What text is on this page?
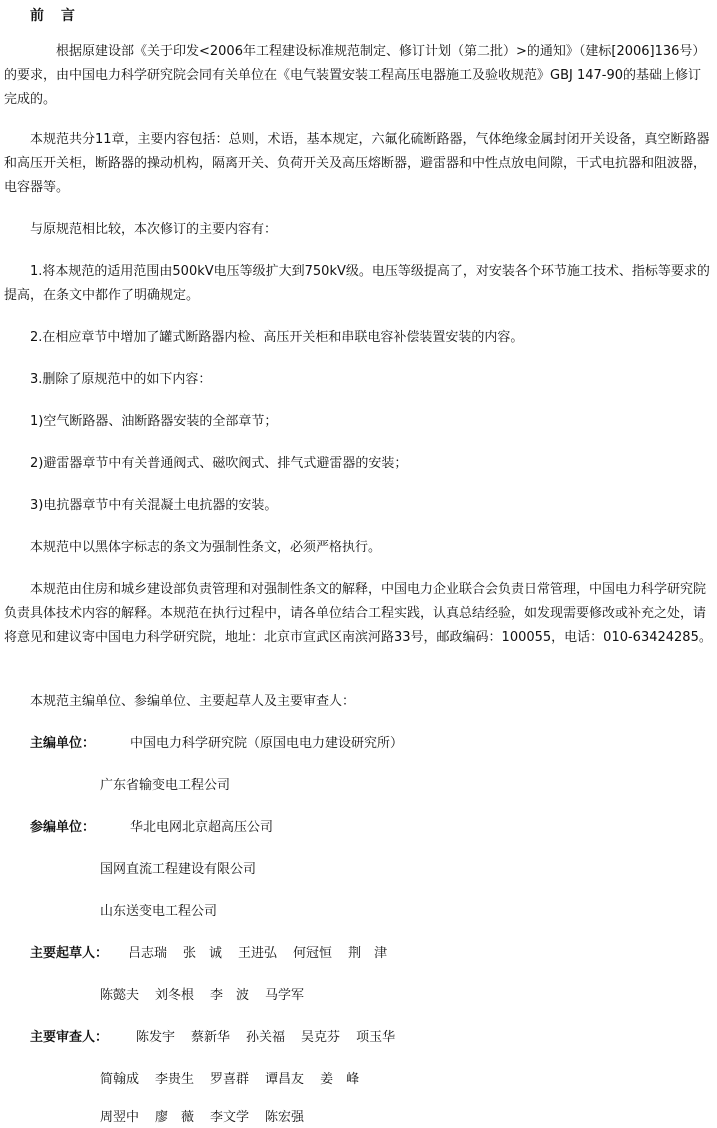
前 言
根据原建设部《关于印发<2006年工程建设标准规范制定、修订计划（第二批）>的通知》（建标[2006]136号）的要求，由中国电力科学研究院会同有关单位在《电气装置安装工程高压电器施工及验收规范》GBJ 147-90的基础上修订完成的。
本规范共分11章，主要内容包括：总则，术语，基本规定，六氟化硫断路器，气体绝缘金属封闭开关设备，真空断路器和高压开关柜，断路器的操动机构，隔离开关、负荷开关及高压熔断器，避雷器和中性点放电间隙，干式电抗器和阻波器，电容器等。
与原规范相比较，本次修订的主要内容有：
1.将本规范的适用范围由500kV电压等级扩大到750kV级。电压等级提高了，对安装各个环节施工技术、指标等要求的提高，在条文中都作了明确规定。
2.在相应章节中增加了罐式断路器内检、高压开关柜和串联电容补偿装置安装的内容。
3.删除了原规范中的如下内容：
1)空气断路器、油断路器安装的全部章节；
2)避雷器章节中有关普通阀式、磁吹阀式、排气式避雷器的安装；
3)电抗器章节中有关混凝土电抗器的安装。
本规范中以黑体字标志的条文为强制性条文，必须严格执行。
本规范由住房和城乡建设部负责管理和对强制性条文的解释，中国电力企业联合会负责日常管理，中国电力科学研究院负责具体技术内容的解释。本规范在执行过程中，请各单位结合工程实践，认真总结经验，如发现需要修改或补充之处，请将意见和建议寄中国电力科学研究院，地址：北京市宣武区南滨河路33号，邮政编码：100055，电话：010-63424285。
本规范主编单位、参编单位、主要起草人及主要审查人：
主编单位：	中国电力科学研究院（原国电电力建设研究所）
广东省输变电工程公司
参编单位：	华北电网北京超高压公司
国网直流工程建设有限公司
山东送变电工程公司
主要起草人： 吕志瑞 张　诚 王进弘 何冠恒 荆　津
陈懿夫 刘冬根 李　波 马学军
主要审查人： 陈发宇 蔡新华 孙关福 吴克芬 项玉华
简翰成 李贵生 罗喜群 谭昌友 姜　峰
周翌中 廖　薇 李文学 陈宏强
